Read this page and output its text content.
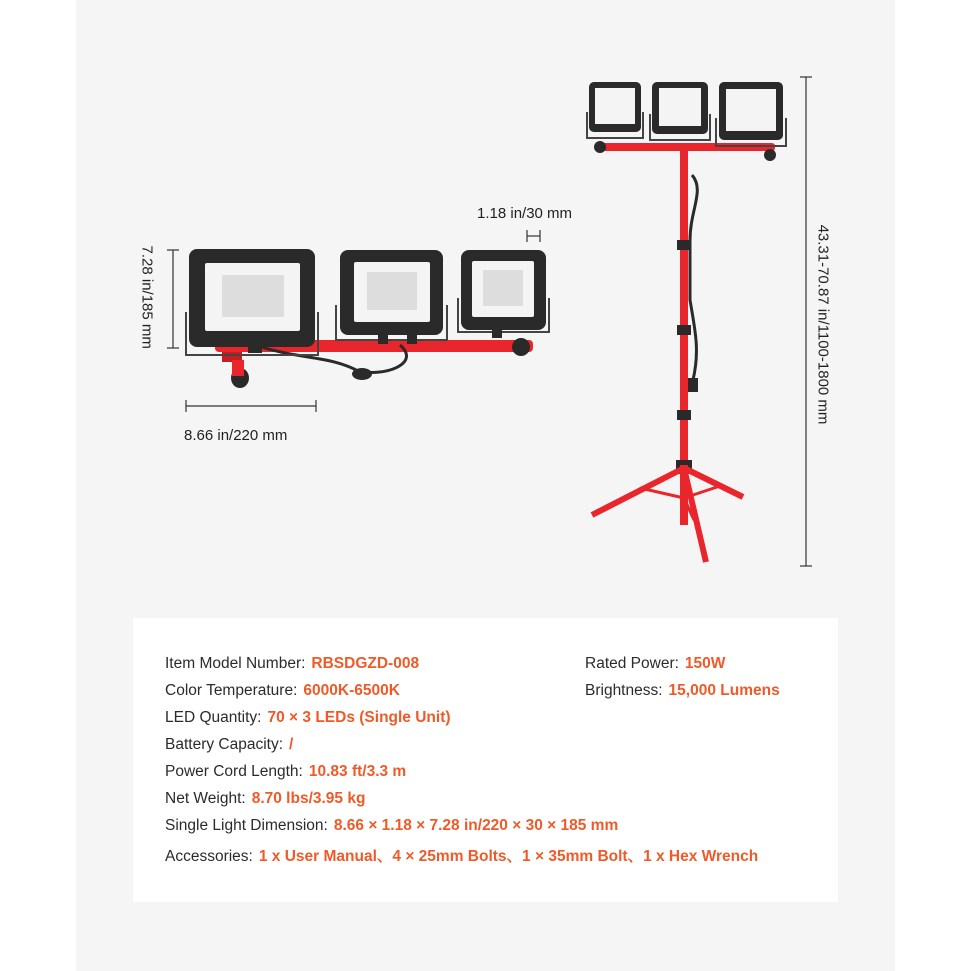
8.66 in/220 mm
1.18 in/30 mm
7.28 in/185 mm	43.31-70.87 in/1100-1800 mm
Item Model Number: RBSDGZD-008
Color Temperature: 6000K-6500K
LED Quantity: 70 × 3 LEDs (Single Unit)
Battery Capacity: /
Power Cord Length: 10.83 ft/3.3 m
Net Weight: 8.70 lbs/3.95 kg
Single Light Dimension: 8.66 × 1.18 × 7.28 in/220 × 30 × 185 mm
Accessories: 1 x User Manual、4 × 25mm Bolts、1 × 35mm Bolt、1 x Hex Wrench
Rated Power: 150W
Brightness: 15,000 Lumens
